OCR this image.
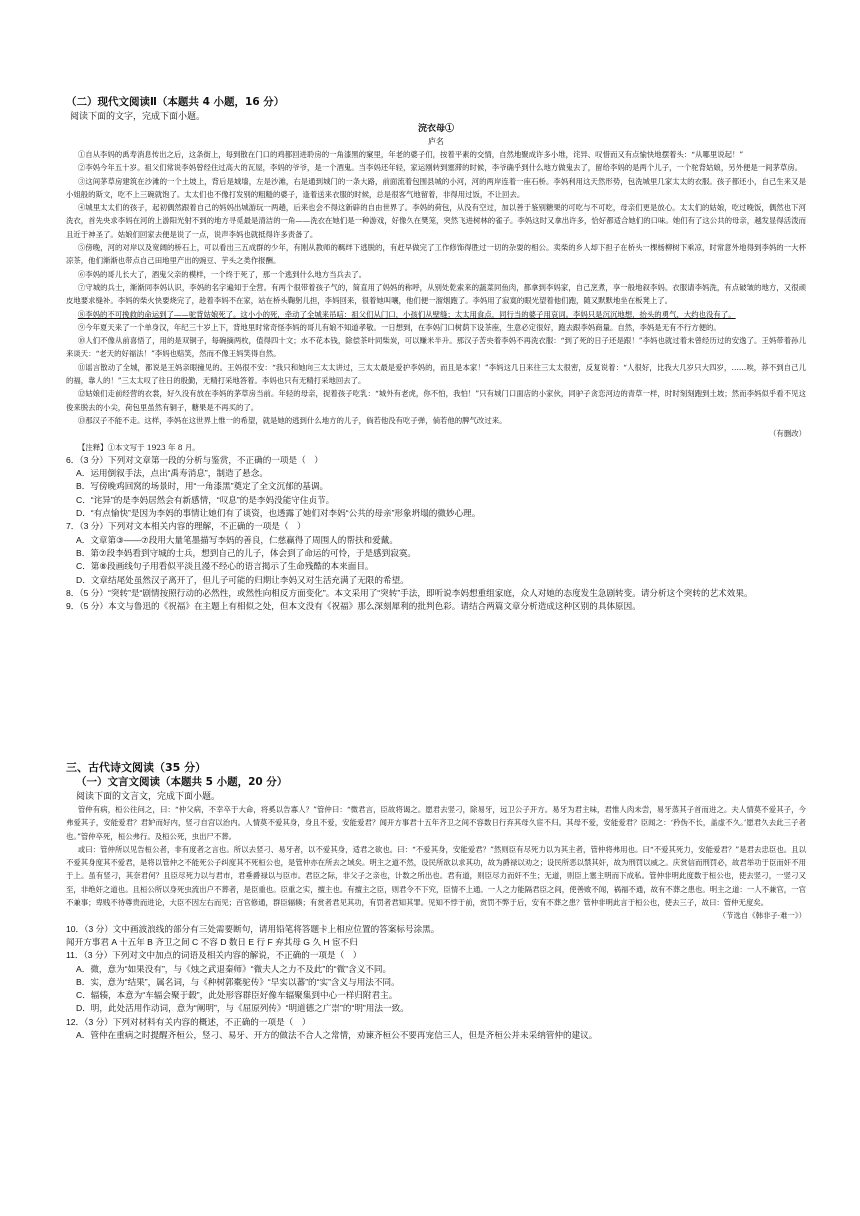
（二）现代文阅读Ⅱ（本题共 4 小题，16 分）
阅读下面的文字，完成下面小题。
浣衣母①
庐名

①自从李妈的禹寿消息传出之后，这条街上，每到散在门口的鸡都回进聆房的一角漆黑的窠里，年老的婆子们，按着平素的交情，自然地聚成许多小堆，诧异、叹惜而又有点愉快地摆着头：“从哪里说起！”

②李妈今年五十岁。祖父们常说李妈曾经住过高大的瓦屋，李妈的爷爷，是一个酒鬼。当李妈还年轻，家运刚转到塞滞的时候，李爷确乎到什么地方做鬼去了，留给李妈的是两个儿子，一个驼背姑娘，另外便是一间茅草房。

③这间茅草房建筑在沙滩的一个土坡上，背后是城墙，左是沙滩，右是通到城门的一条大路，前面流着包围县城的小河，河的两岸连着一座石桥。李妈利用这天然形势，包洗城里几家太太的衣服。孩子都还小，自己生来又是小姐般的斯文，吃不上三碗就饱了。太太们也不像打发别的粗糙的婆子，逢着送来衣服的时候，总是很客气地留着，非得用过饭，不让回去。

④城里太太们的孩子，起初偶然跟着自己的妈妈出城游玩一两趟，后来也会不得这新辟的自由世界了。李妈的荷包，从没有空过，加以善于鉴别糖果的可吃与不可吃，母亲们更是放心。太太们的姑娘，吃过晚饭，偶然也下河洗衣，首先央求李妈在河的上游阳光射不到的地方寻觅最是清洁的一角——洗衣在她们是一种游戏，好像久在樊笼，突然飞进树林的雀子。李妈这时又拿出许多，恰好都适合她们的口味。她们有了这公共的母亲，越发显得活泼而且近于神圣了。姑娘们回家去便是说了一点，说声李妈也就抵得许多责备了。

⑤傍晚，河的对岸以及宽阔的桥石上，可以看出三五成群的少年，有刚从教师的羁绊下逃脱的，有赶早做完了工作修饰得胜过一切的杂耍的相公。卖柴的乡人却下担子在桥头一棵杨柳树下乘凉，时常意外地得到李妈的一大杯凉茶，他们渐渐也带点自己田地里产出的豌豆、芋头之类作报酬。

⑥李妈的哥儿长大了，酒鬼父亲的模样，一个终于死了，那一个逃到什么地方当兵去了。

⑦守城的兵士，渐渐同李妈认识，李妈的名字遍知于全营。有两个很带着孩子气的，简直用了妈妈的称呼，从别处乾索来的蔬菜同鱼肉，都拿到李妈家，自己烹煮，享一般地叙李妈。衣服请李妈洗，有点破皱的地方，又很顽皮地要求缝补。李妈的柴火快要烧完了，趁着李妈不在家，站在桥头鞠躬儿担，李妈回来，很着她叫嚷，他们便一溜烟跑了。李妈用了寂寞的眼光望着他们跑，随又默默地坐在板凳上了。

⑧李妈的不可挽救的命运到了——驼背姑娘死了。这小小的死，牵动了全城来吊唁：祖父们从门口，小孩们从壁缝；太太用食点，同行当的婆子用哀词。李妈只是沉沉地想，抬头的勇气，大约也没有了。

⑨今年夏天来了一个单身汉，年纪三十岁上下，背地里时常奇怪李妈的哥儿有娘不知道孝敬。一日想到，在李妈门口树荫下设茶座，生意必定很好，跑去跟李妈商量。自然，李妈是无有不行方便的。

⑩人们不像从前喜悟了，用的是双铜子，每碗摘两枚，值得四十文；水不花本钱，除偿茶叶同柴炭，可以赚米半升。那汉子苦央着李妈不再洗衣服：“到了死的日子还是跟！”李妈也就过着未曾经历过的安逸了。王妈带着孙儿来谈天：“老天的好福法！”李妈也赔笑，然而不像王妈笑得自然。

⑪谣言散动了全城，都说是王妈亲眼撞见的。王妈很不安：“我只和她向三太太讲过，三太太最是爱护李妈的，而且是本家！”李妈这几日来往三太太很密，反复说着：“人很好，比我大几岁只大四岁，……唉，莽不到自己儿的福，靠人的！”三太太叹了往日的殷勤，无精打采地答着。李妈也只有无精打采地回去了。

⑫姑娘们走前经营的衣裳，好久没有放在李妈的茅草房当前。年轻的母亲，捉着孩子吃乳：“城外有老虎，你不怕，我怕！”只有城门口面店的小家伙，同驴子贪恋河边的青草一样，时时刻刻跑到土坡；然而李妈似乎看不见这俊来脱去的小尖，荷包里虽然有铜子，糖果是不再买的了。

⑬那汉子不能不走。这样，李妈在这世界上惟一的希望，就是她的逃到什么地方的儿子，倘若他没有吃子弹，倘若他的脾气改过来。

（有删改）

【注释】①本文写于 1923 年 8 月。

6．（3 分）下列对文章第一段的分析与鉴赏，不正确的一项是（　）

A．运用倒叙手法，点出“禹寿消息”，制造了悬念。

B．写傍晚鸡回窝的场景时，用“一角漆黑”奠定了全文沉郁的基调。

C．“诧异”的是李妈居然会有新感情，“叹息”的是李妈没能守住贞节。

D．“有点愉快”是因为李妈的事情让她们有了谈资，也透露了她们对李妈“公共的母亲”形象坍塌的微妙心理。

7．（3 分）下列对文本相关内容的理解，不正确的一项是（　）

A．文章第③——⑦段用大量笔墨描写李妈的善良，仁慈赢得了周围人的帮扶和爱戴。

B．第⑦段李妈看到守城的士兵，想到自己的儿子，体会到了命运的可怜，于是感到寂寞。

C．第⑧段画线句子用看似平淡且漫不经心的语言揭示了生命残酷的本来面目。

D．文章结尾处虽然汉子离开了，但儿子可能的归期让李妈又对生活充满了无限的希望。

8．（5 分）“突转”是“剧情按照行动的必然性，或然性向相反方面变化”。本文采用了“突转”手法，即听说李妈想重组家庭，众人对她的态度发生急剧转变。请分析这个突转的艺术效果。

9．（5 分）本文与鲁迅的《祝福》在主题上有相似之处，但本文没有《祝福》那么深刻犀利的批判色彩。请结合两篇文章分析造成这种区别的具体原因。

三、古代诗文阅读（35 分）
（一）文言文阅读（本题共 5 小题，20 分）
阅读下面的文言文，完成下面小题。

管仲有病，桓公往问之，曰：“仲父病，不幸卒于大命，将奚以告寡人？”管仲曰：“微君言，臣故将谒之。愿君去竖刁，除易牙，远卫公子开方。易牙为君主味，君惟人肉未尝，易牙蒸其子首而进之。夫人情莫不爱其子，今弗爱其子，安能爱君？君妒而好内，竖刁自宫以治内。人情莫不爱其身，身且不爱，安能爱君？闻开方事君十五年齐卫之间不容数日行弃其母久宦不归。其母不爱，安能爱君？臣闻之：‘矜伪不长，盖虚不久。’愿君久去此三子者也。”管仲卒死，桓公弗行。及桓公死，虫出尸不葬。

或曰：管仲所以见告桓公者，非有度者之言也。所以去竖刁、易牙者，以不爱其身，适君之欲也。曰：“不爱其身，安能爱君？”然则臣有尽死力以为其主者，管仲将弗用也。曰“不爱其死力，安能爱君？”是君去忠臣也。且以不爱其身度其不爱君，是将以管仲之不能死公子纠度其不死桓公也，是管仲亦在所去之域矣。明主之道不然，设民所欲以求其功，故为爵禄以劝之；设民所恶以禁其奸，故为刑罚以威之。庆赏信而刑罚必，故君举功于臣而奸不用于上。虽有竖刁，其奈君何？且臣尽死力以与君市，君垂爵禄以与臣市。君臣之际，非父子之亲也，计数之所出也。君有道，则臣尽力而奸不生；无道，则臣上塞主明而下成私。管仲非明此度数于桓公也，使去竖刁，一竖刁又至，非绝奸之道也。且桓公所以身死虫流出户不葬者，是臣重也。臣重之实，擅主也。有擅主之臣，则君令不下究，臣情不上通。一人之力能隔君臣之间，使善败不闻，祸福不通，故有不葬之患也。明主之道：一人不兼官，一官不兼事；卑贱不待尊贵而进论，大臣不因左右而见；百官修通，群臣辐辏；有赏者君见其功，有罚者君知其罪。见知不悖于前，赏罚不弊于后，安有不葬之患？管仲非明此言于桓公也，使去三子，故曰：管仲无度矣。

（节选自《韩非子·难一》）

10．（3 分）文中画波浪线的部分有三处需要断句，请用铅笔将答题卡上相应位置的答案标号涂黑。

闻开方事君 A 十五年 B 齐卫之间 C 不容 D 数日 E 行 F 弃其母 G 久 H 宦不归

11．（3 分）下列对文中加点的词语及相关内容的解说，不正确的一项是（　）

A．微，意为“如果没有”，与《烛之武退秦师》“微夫人之力不及此”的“微”含义不同。

B．实，意为“结果”，属名词，与《种树郭橐驼传》“早实以蕃”的“实”含义与用法不同。

C．辐辏，本意为“车辐会聚于毂”，此处形容群臣好像车辐聚集到中心一样归附君主。

D．明，此处活用作动词，意为“阐明”，与《屈原列传》“明道德之广崇”的“明”用法一致。

12．（3 分）下列对材料有关内容的概述，不正确的一项是（　）

A．管仲在重病之时提醒齐桓公，竖刁、易牙、开方的做法不合人之常情，劝谏齐桓公不要再宠信三人，但是齐桓公并未采纳管仲的建议。
